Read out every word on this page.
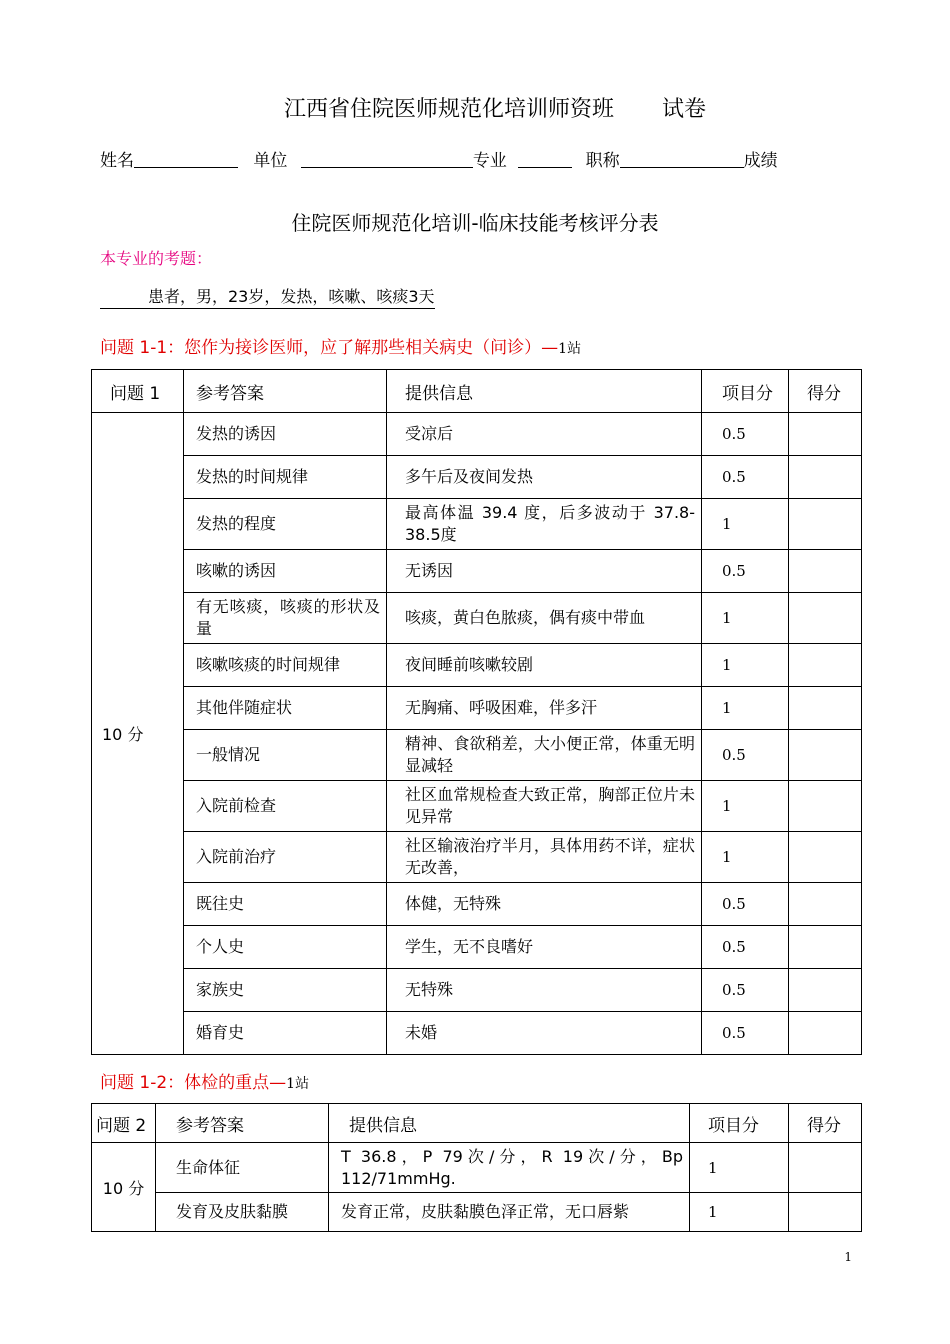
江西省住院医师规范化培训师资班 试卷
姓名	单位	专业	职称	成绩
住院医师规范化培训-临床技能考核评分表
本专业的考题：
患者，男，23岁，发热，咳嗽、咳痰3天
问题 1-1：您作为接诊医师，应了解那些相关病史（问诊）—1站
问题 1	参考答案	提供信息	项目分	得分
10 分	发热的诱因	受凉后	0.5	
	发热的时间规律	多午后及夜间发热	0.5	
	发热的程度	最高体温 39.4 度，后多波动于 37.8-38.5度	1	
	咳嗽的诱因	无诱因	0.5	
	有无咳痰，咳痰的形状及量	咳痰，黄白色脓痰，偶有痰中带血	1	
	咳嗽咳痰的时间规律	夜间睡前咳嗽较剧	1	
	其他伴随症状	无胸痛、呼吸困难，伴多汗	1	
	一般情况	精神、食欲稍差，大小便正常，体重无明显减轻	0.5	
	入院前检查	社区血常规检查大致正常，胸部正位片未见异常	1	
	入院前治疗	社区输液治疗半月，具体用药不详，症状无改善，	1	
	既往史	体健，无特殊	0.5	
	个人史	学生，无不良嗜好	0.5	
	家族史	无特殊	0.5	
	婚育史	未婚	0.5	
问题 1-2：体检的重点—1站
问题 2	参考答案	提供信息	项目分	得分
10 分	生命体征	T 36.8，P 79次/分，R 19次/分，Bp 112/71mmHg.	1	
	发育及皮肤黏膜	发育正常，皮肤黏膜色泽正常，无口唇紫	1	
1
